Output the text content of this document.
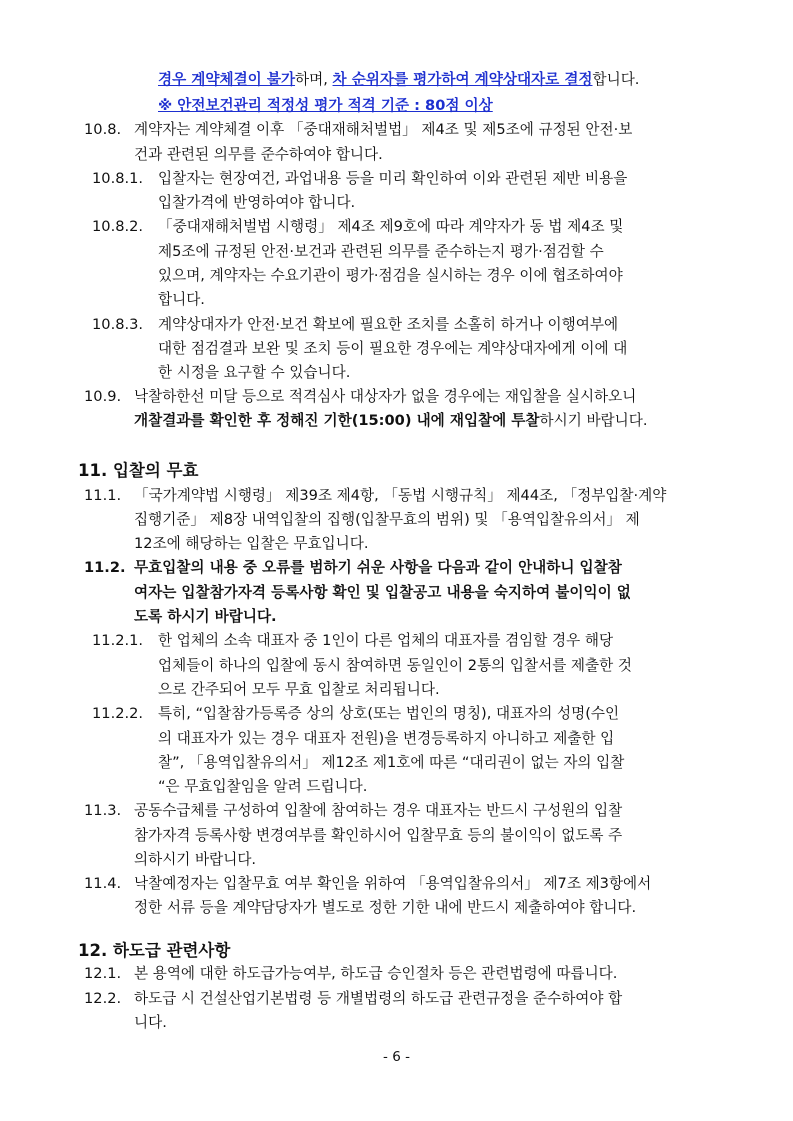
경우 계약체결이 불가하며, 차 순위자를 평가하여 계약상대자로 결정합니다.
※ 안전보건관리 적정성 평가 적격 기준 : 80점 이상
10.8. 계약자는 계약체결 이후 「중대재해처벌법」 제4조 및 제5조에 규정된 안전·보
건과 관련된 의무를 준수하여야 합니다.
10.8.1. 입찰자는 현장여건, 과업내용 등을 미리 확인하여 이와 관련된 제반 비용을
입찰가격에 반영하여야 합니다.
10.8.2. 「중대재해처벌법 시행령」 제4조 제9호에 따라 계약자가 동 법 제4조 및
제5조에 규정된 안전·보건과 관련된 의무를 준수하는지 평가·점검할 수
있으며, 계약자는 수요기관이 평가·점검을 실시하는 경우 이에 협조하여야
합니다.
10.8.3. 계약상대자가 안전·보건 확보에 필요한 조치를 소홀히 하거나 이행여부에
대한 점검결과 보완 및 조치 등이 필요한 경우에는 계약상대자에게 이에 대
한 시정을 요구할 수 있습니다.
10.9. 낙찰하한선 미달 등으로 적격심사 대상자가 없을 경우에는 재입찰을 실시하오니
개찰결과를 확인한 후 정해진 기한(15:00) 내에 재입찰에 투찰하시기 바랍니다.
11. 입찰의 무효
11.1. 「국가계약법 시행령」 제39조 제4항, 「동법 시행규칙」 제44조, 「정부입찰·계약
집행기준」 제8장 내역입찰의 집행(입찰무효의 범위) 및 「용역입찰유의서」 제
12조에 해당하는 입찰은 무효입니다.
11.2. 무효입찰의 내용 중 오류를 범하기 쉬운 사항을 다음과 같이 안내하니 입찰참
여자는 입찰참가자격 등록사항 확인 및 입찰공고 내용을 숙지하여 불이익이 없
도록 하시기 바랍니다.
11.2.1. 한 업체의 소속 대표자 중 1인이 다른 업체의 대표자를 겸임할 경우 해당
업체들이 하나의 입찰에 동시 참여하면 동일인이 2통의 입찰서를 제출한 것
으로 간주되어 모두 무효 입찰로 처리됩니다.
11.2.2. 특히, “입찰참가등록증 상의 상호(또는 법인의 명칭), 대표자의 성명(수인
의 대표자가 있는 경우 대표자 전원)을 변경등록하지 아니하고 제출한 입
찰”, 「용역입찰유의서」 제12조 제1호에 따른 “대리권이 없는 자의 입찰
“은 무효입찰임을 알려 드립니다.
11.3. 공동수급체를 구성하여 입찰에 참여하는 경우 대표자는 반드시 구성원의 입찰
참가자격 등록사항 변경여부를 확인하시어 입찰무효 등의 불이익이 없도록 주
의하시기 바랍니다.
11.4. 낙찰예정자는 입찰무효 여부 확인을 위하여 「용역입찰유의서」 제7조 제3항에서
정한 서류 등을 계약담당자가 별도로 정한 기한 내에 반드시 제출하여야 합니다.
12. 하도급 관련사항
12.1. 본 용역에 대한 하도급가능여부, 하도급 승인절차 등은 관련법령에 따릅니다.
12.2. 하도급 시 건설산업기본법령 등 개별법령의 하도급 관련규정을 준수하여야 합
니다.
- 6 -
